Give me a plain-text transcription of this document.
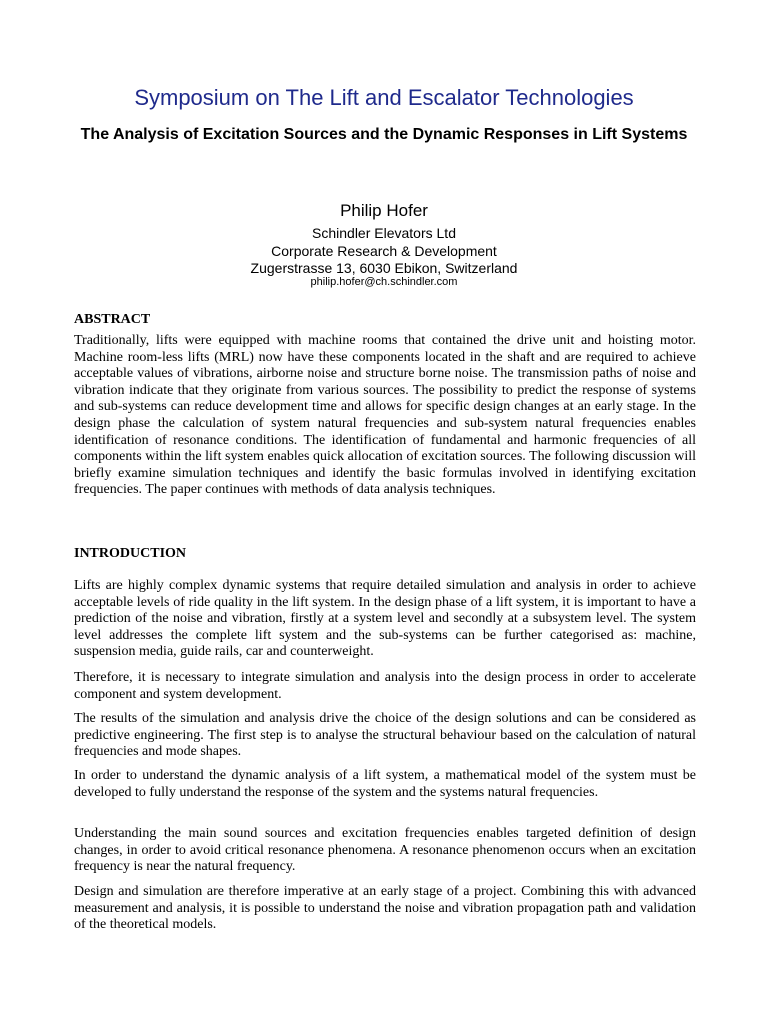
Symposium on The Lift and Escalator Technologies
The Analysis of Excitation Sources and the Dynamic Responses in Lift Systems
Philip Hofer
Schindler Elevators Ltd
Corporate Research & Development
Zugerstrasse 13, 6030 Ebikon, Switzerland
philip.hofer@ch.schindler.com
ABSTRACT

Traditionally, lifts were equipped with machine rooms that contained the drive unit and hoisting motor. Machine room-less lifts (MRL) now have these components located in the shaft and are required to achieve acceptable values of vibrations, airborne noise and structure borne noise. The transmission paths of noise and vibration indicate that they originate from various sources. The possibility to predict the response of systems and sub-systems can reduce development time and allows for specific design changes at an early stage. In the design phase the calculation of system natural frequencies and sub-system natural frequencies enables identification of resonance conditions. The identification of fundamental and harmonic frequencies of all components within the lift system enables quick allocation of excitation sources. The following discussion will briefly examine simulation techniques and identify the basic formulas involved in identifying excitation frequencies. The paper continues with methods of data analysis techniques.

INTRODUCTION

Lifts are highly complex dynamic systems that require detailed simulation and analysis in order to achieve acceptable levels of ride quality in the lift system. In the design phase of a lift system, it is important to have a prediction of the noise and vibration, firstly at a system level and secondly at a subsystem level. The system level addresses the complete lift system and the sub-systems can be further categorised as: machine, suspension media, guide rails, car and counterweight.

Therefore, it is necessary to integrate simulation and analysis into the design process in order to accelerate component and system development.

The results of the simulation and analysis drive the choice of the design solutions and can be considered as predictive engineering. The first step is to analyse the structural behaviour based on the calculation of natural frequencies and mode shapes.

In order to understand the dynamic analysis of a lift system, a mathematical model of the system must be developed to fully understand the response of the system and the systems natural frequencies.

Understanding the main sound sources and excitation frequencies enables targeted definition of design changes, in order to avoid critical resonance phenomena. A resonance phenomenon occurs when an excitation frequency is near the natural frequency.

Design and simulation are therefore imperative at an early stage of a project. Combining this with advanced measurement and analysis, it is possible to understand the noise and vibration propagation path and validation of the theoretical models.
